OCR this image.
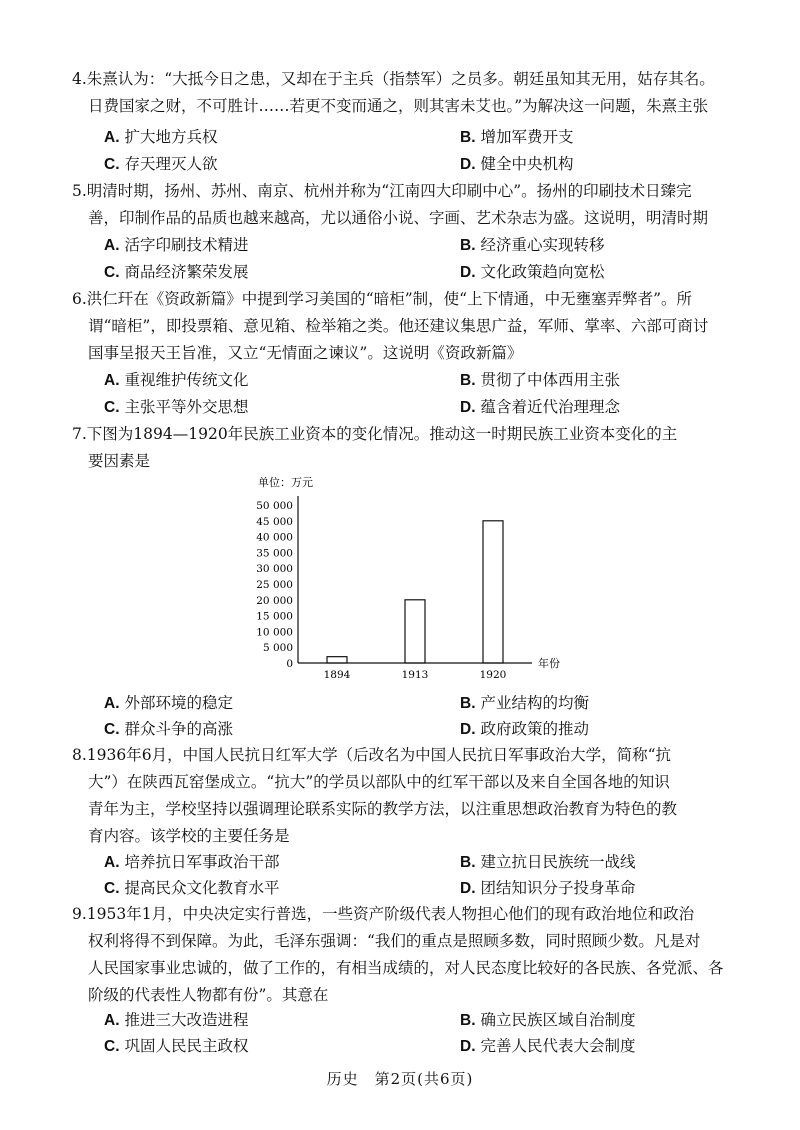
4.朱熹认为：“大抵今日之患，又却在于主兵（指禁军）之员多。朝廷虽知其无用，姑存其名。
日费国家之财，不可胜计……若更不变而通之，则其害未艾也。”为解决这一问题，朱熹主张
A. 扩大地方兵权	B. 增加军费开支
C. 存天理灭人欲	D. 健全中央机构
5.明清时期，扬州、苏州、南京、杭州并称为“江南四大印刷中心”。扬州的印刷技术日臻完
善，印制作品的品质也越来越高，尤以通俗小说、字画、艺术杂志为盛。这说明，明清时期
A. 活字印刷技术精进	B. 经济重心实现转移
C. 商品经济繁荣发展	D. 文化政策趋向宽松
6.洪仁玕在《资政新篇》中提到学习美国的“暗柜”制，使“上下情通，中无壅塞弄弊者”。所
谓“暗柜”，即投票箱、意见箱、检举箱之类。他还建议集思广益，军师、掌率、六部可商讨
国事呈报天王旨准，又立“无情面之谏议”。这说明《资政新篇》
A. 重视维护传统文化	B. 贯彻了中体西用主张
C. 主张平等外交思想	D. 蕴含着近代治理理念
7.下图为1894—1920年民族工业资本的变化情况。推动这一时期民族工业资本变化的主
要因素是
单位：万元
0
5 000
10 000
15 000
20 000
25 000
30 000
35 000
40 000
45 000
50 000
1894	1913	1920
年份
A. 外部环境的稳定	B. 产业结构的均衡
C. 群众斗争的高涨	D. 政府政策的推动
8.1936年6月，中国人民抗日红军大学（后改名为中国人民抗日军事政治大学，简称“抗
大”）在陕西瓦窑堡成立。“抗大”的学员以部队中的红军干部以及来自全国各地的知识
青年为主，学校坚持以强调理论联系实际的教学方法，以注重思想政治教育为特色的教
育内容。该学校的主要任务是
A. 培养抗日军事政治干部	B. 建立抗日民族统一战线
C. 提高民众文化教育水平	D. 团结知识分子投身革命
9.1953年1月，中央决定实行普选，一些资产阶级代表人物担心他们的现有政治地位和政治
权利将得不到保障。为此，毛泽东强调：“我们的重点是照顾多数，同时照顾少数。凡是对
人民国家事业忠诚的，做了工作的，有相当成绩的，对人民态度比较好的各民族、各党派、各
阶级的代表性人物都有份”。其意在
A. 推进三大改造进程	B. 确立民族区域自治制度
C. 巩固人民民主政权	D. 完善人民代表大会制度
历史　第2页(共6页)
